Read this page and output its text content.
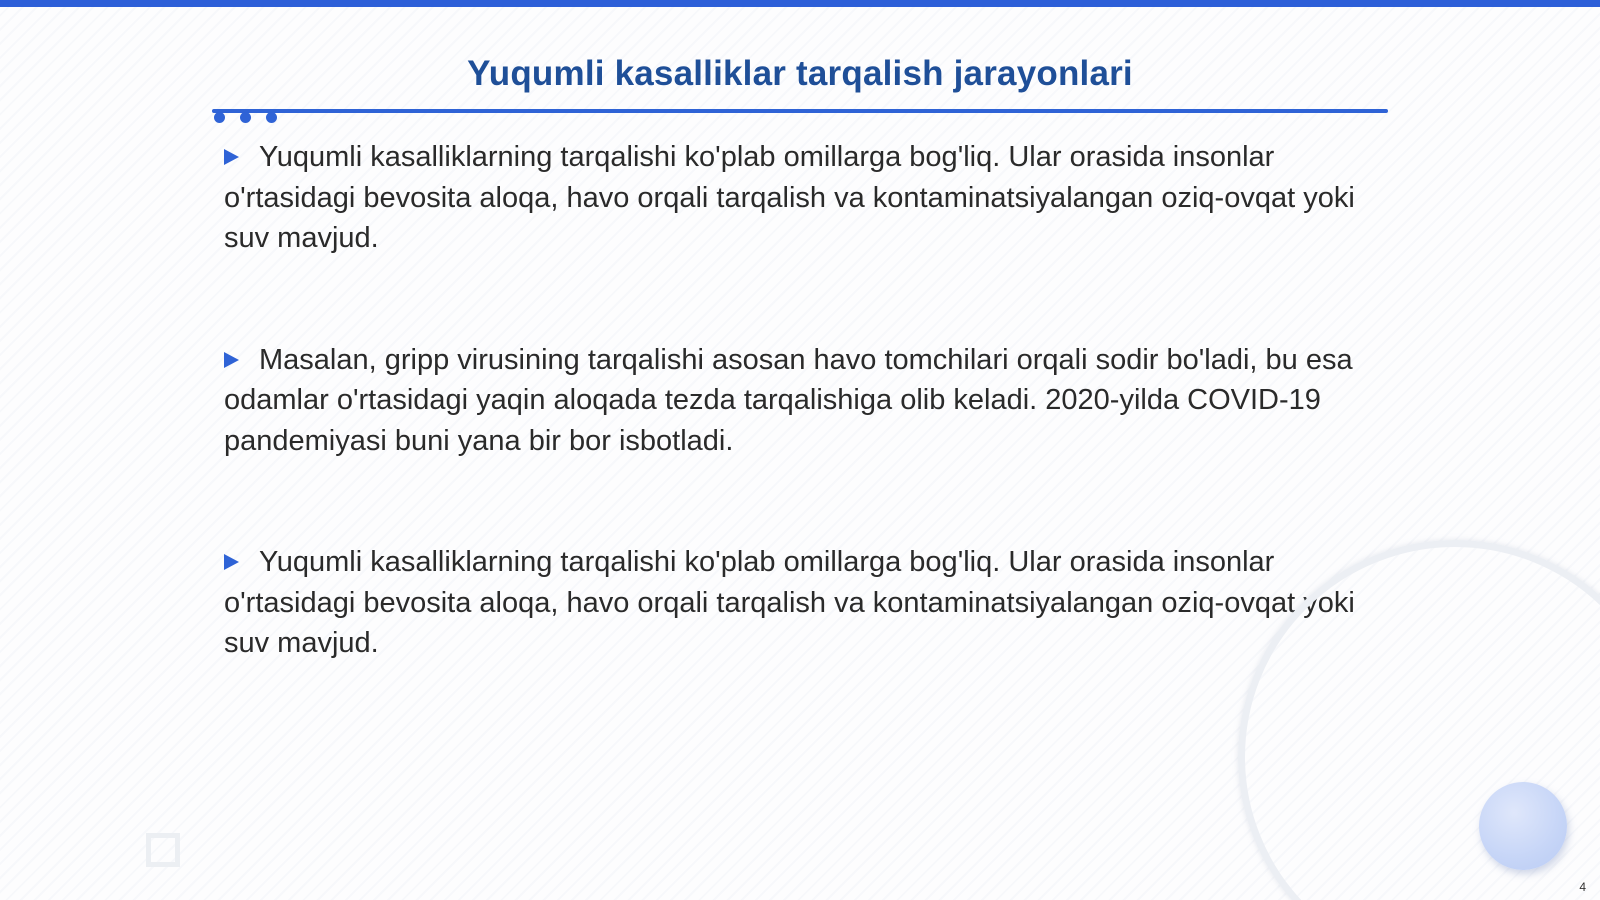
Yuqumli kasalliklar tarqalish jarayonlari

Yuqumli kasalliklarning tarqalishi ko'plab omillarga bog'liq. Ular orasida insonlar o'rtasidagi bevosita aloqa, havo orqali tarqalish va kontaminatsiyalangan oziq-ovqat yoki suv mavjud.

Masalan, gripp virusining tarqalishi asosan havo tomchilari orqali sodir bo'ladi, bu esa odamlar o'rtasidagi yaqin aloqada tezda tarqalishiga olib keladi. 2020-yilda COVID-19 pandemiyasi buni yana bir bor isbotladi.

Yuqumli kasalliklarning tarqalishi ko'plab omillarga bog'liq. Ular orasida insonlar o'rtasidagi bevosita aloqa, havo orqali tarqalish va kontaminatsiyalangan oziq-ovqat yoki suv mavjud.

4
